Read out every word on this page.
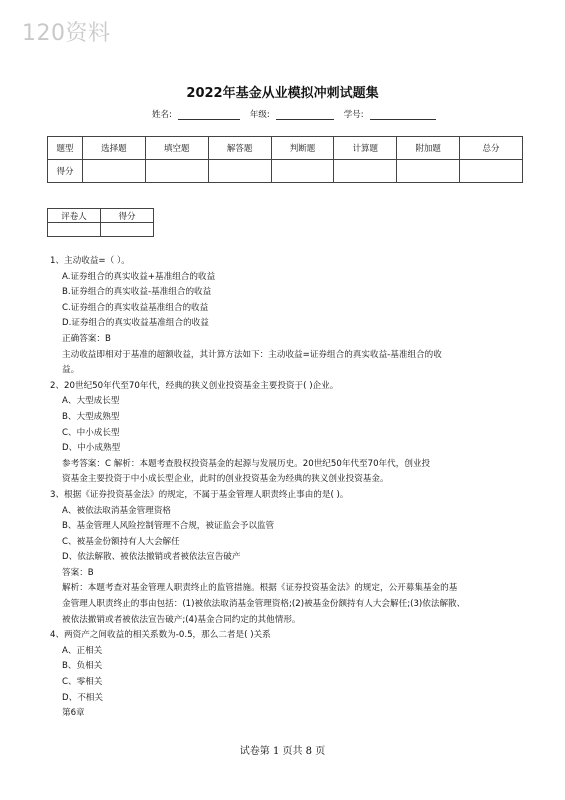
120资料
2022年基金从业模拟冲刺试题集
姓名:	年级:	学号:
题型	选择题	填空题	解答题	判断题	计算题	附加题	总分
得分							
评卷人	得分

1、主动收益=（ ）。

A.证券组合的真实收益+基准组合的收益

B.证券组合的真实收益-基准组合的收益

C.证券组合的真实收益基准组合的收益

D.证券组合的真实收益基准组合的收益

正确答案：B

主动收益即相对于基准的超额收益，其计算方法如下：主动收益=证券组合的真实收益-基准组合的收

益。

2、20世纪50年代至70年代，经典的狭义创业投资基金主要投资于( )企业。

A、大型成长型

B、大型成熟型

C、中小成长型

D、中小成熟型

参考答案：C 解析：本题考查股权投资基金的起源与发展历史。20世纪50年代至70年代，创业投

资基金主要投资于中小成长型企业，此时的创业投资基金为经典的狭义创业投资基金。

3、根据《证券投资基金法》的规定，不属于基金管理人职责终止事由的是( )。

A、被依法取消基金管理资格

B、基金管理人风险控制管理不合规，被证监会予以监管

C、被基金份额持有人大会解任

D、依法解散、被依法撤销或者被依法宣告破产

答案：B

解析：本题考查对基金管理人职责终止的监管措施。根据《证券投资基金法》的规定，公开募集基金的基

金管理人职责终止的事由包括：(1)被依法取消基金管理资格;(2)被基金份额持有人大会解任;(3)依法解散、

被依法撤销或者被依法宣告破产;(4)基金合同约定的其他情形。

4、两资产之间收益的相关系数为-0.5，那么二者是( )关系

A、正相关

B、负相关

C、零相关

D、不相关

第6章

试卷第 1 页共 8 页
